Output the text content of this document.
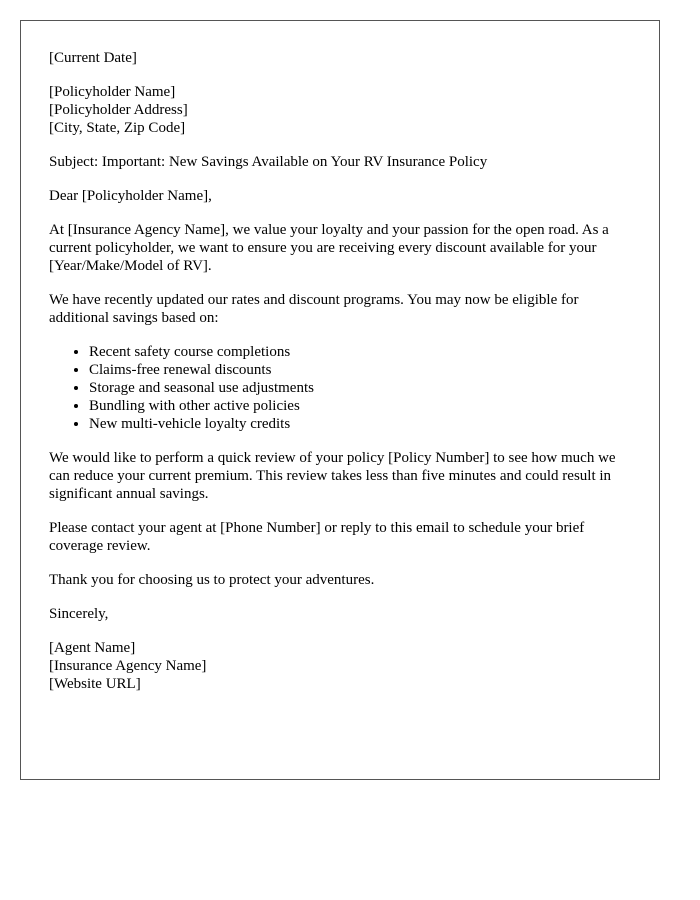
[Current Date]
[Policyholder Name]
[Policyholder Address]
[City, State, Zip Code]
Subject: Important: New Savings Available on Your RV Insurance Policy
Dear [Policyholder Name],

At [Insurance Agency Name], we value your loyalty and your passion for the open road. As a current policyholder, we want to ensure you are receiving every discount available for your [Year/Make/Model of RV].

We have recently updated our rates and discount programs. You may now be eligible for additional savings based on:

• Recent safety course completions
• Claims-free renewal discounts
• Storage and seasonal use adjustments
• Bundling with other active policies
• New multi-vehicle loyalty credits

We would like to perform a quick review of your policy [Policy Number] to see how much we can reduce your current premium. This review takes less than five minutes and could result in significant annual savings.

Please contact your agent at [Phone Number] or reply to this email to schedule your brief coverage review.

Thank you for choosing us to protect your adventures.

Sincerely,
[Agent Name]
[Insurance Agency Name]
[Website URL]
